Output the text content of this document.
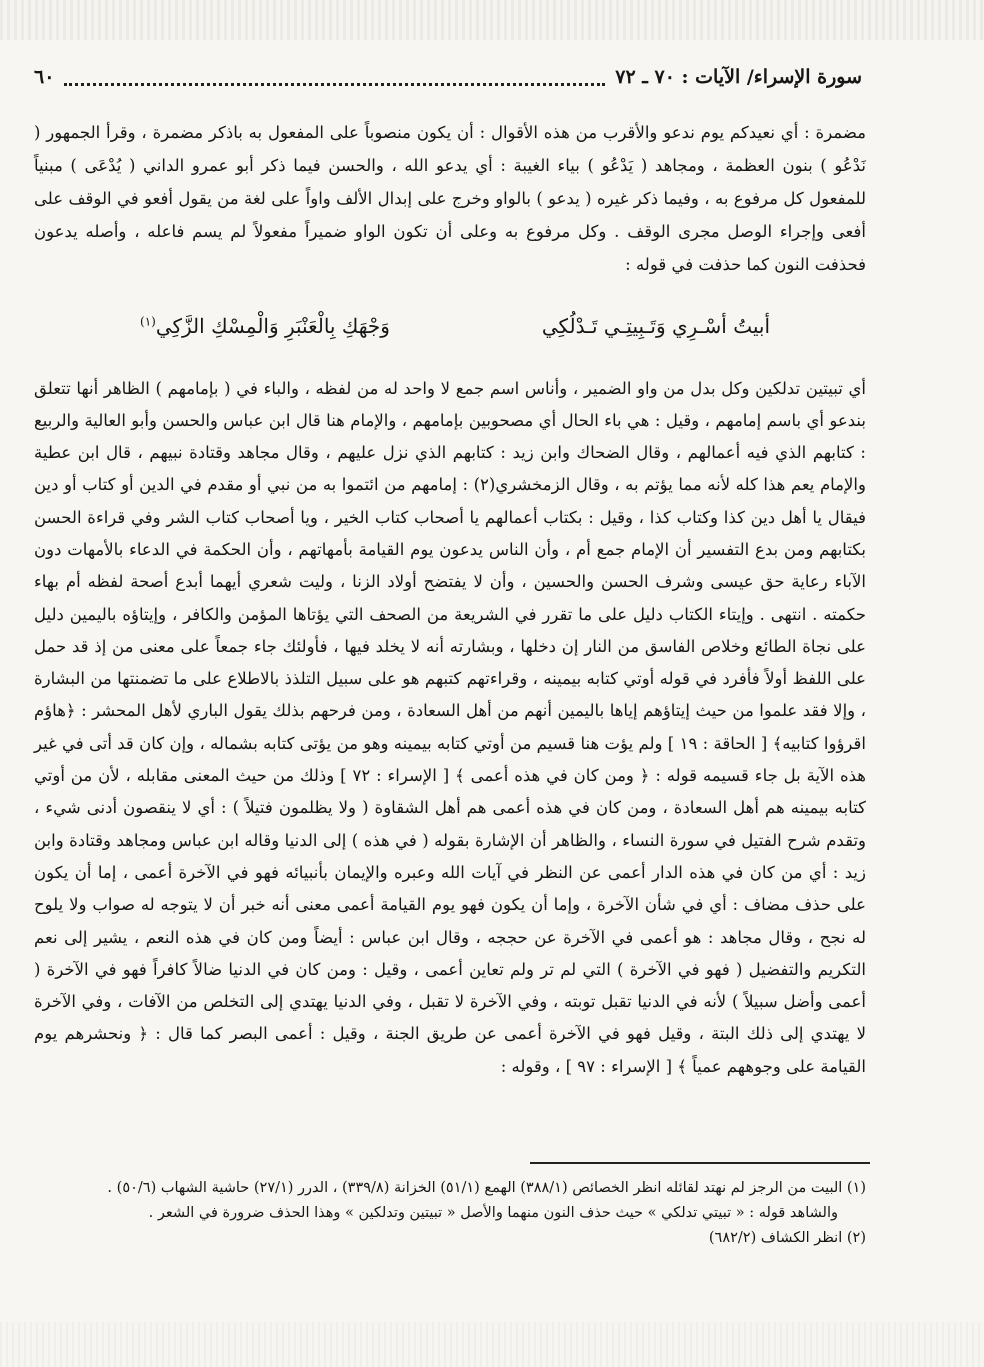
سورة الإسراء/ الآيات : ٧٠ ـ ٧٢
٦٠

مضمرة : أي نعيدكم يوم ندعو والأقرب من هذه الأقوال : أن يكون منصوباً على المفعول به باذكر مضمرة ، وقرأ الجمهور ( نَدْعُو ) بنون العظمة ، ومجاهد ( يَدْعُو ) بياء الغيبة : أي يدعو الله ، والحسن فيما ذكر أبو عمرو الداني ( يُدْعَى ) مبنياً للمفعول كل مرفوع به ، وفيما ذكر غيره ( يدعو ) بالواو وخرج على إبدال الألف واواً على لغة من يقول أفعو في الوقف على أفعى وإجراء الوصل مجرى الوقف . وكل مرفوع به وعلى أن تكون الواو ضميراً مفعولاً لم يسم فاعله ، وأصله يدعون فحذفت النون كما حذفت في قوله :

أبيتُ أسْـرِي وَتَـبِيتِـي تَـدْلُكِي
وَجْهَكِ بِالْعَنْبَرِ وَالْمِسْكِ الزَّكِي$^{(١)}$

أي تبيتين تدلكين وكل بدل من واو الضمير ، وأناس اسم جمع لا واحد له من لفظه ، والباء في ( بإمامهم ) الظاهر أنها تتعلق بندعو أي باسم إمامهم ، وقيل : هي باء الحال أي مصحوبين بإمامهم ، والإمام هنا قال ابن عباس والحسن وأبو العالية والربيع : كتابهم الذي فيه أعمالهم ، وقال الضحاك وابن زيد : كتابهم الذي نزل عليهم ، وقال مجاهد وقتادة نبيهم ، قال ابن عطية والإمام يعم هذا كله لأنه مما يؤتم به ، وقال الزمخشري(٢) : إمامهم من ائتموا به من نبي أو مقدم في الدين أو كتاب أو دين فيقال يا أهل دين كذا وكتاب كذا ، وقيل : بكتاب أعمالهم يا أصحاب كتاب الخير ، ويا أصحاب كتاب الشر وفي قراءة الحسن بكتابهم ومن بدع التفسير أن الإمام جمع أم ، وأن الناس يدعون يوم القيامة بأمهاتهم ، وأن الحكمة في الدعاء بالأمهات دون الآباء رعاية حق عيسى وشرف الحسن والحسين ، وأن لا يفتضح أولاد الزنا ، وليت شعري أيهما أبدع أصحة لفظه أم بهاء حكمته . انتهى . وإيتاء الكتاب دليل على ما تقرر في الشريعة من الصحف التي يؤتاها المؤمن والكافر ، وإيتاؤه باليمين دليل على نجاة الطائع وخلاص الفاسق من النار إن دخلها ، وبشارته أنه لا يخلد فيها ، فأولئك جاء جمعاً على معنى من إذ قد حمل على اللفظ أولاً فأفرد في قوله أوتي كتابه بيمينه ، وقراءتهم كتبهم هو على سبيل التلذذ بالاطلاع على ما تضمنتها من البشارة ، وإلا فقد علموا من حيث إيتاؤهم إياها باليمين أنهم من أهل السعادة ، ومن فرحهم بذلك يقول الباري لأهل المحشر : ﴿هاؤم اقرؤوا كتابيه﴾ [ الحاقة : ١٩ ] ولم يؤت هنا قسيم من أوتي كتابه بيمينه وهو من يؤتى كتابه بشماله ، وإن كان قد أتى في غير هذه الآية بل جاء قسيمه قوله : ﴿ ومن كان في هذه أعمى ﴾ [ الإسراء : ٧٢ ] وذلك من حيث المعنى مقابله ، لأن من أوتي كتابه بيمينه هم أهل السعادة ، ومن كان في هذه أعمى هم أهل الشقاوة ( ولا يظلمون فتيلاً ) : أي لا ينقصون أدنى شيء ، وتقدم شرح الفتيل في سورة النساء ، والظاهر أن الإشارة بقوله ( في هذه ) إلى الدنيا وقاله ابن عباس ومجاهد وقتادة وابن زيد : أي من كان في هذه الدار أعمى عن النظر في آيات الله وعبره والإيمان بأنبيائه فهو في الآخرة أعمى ، إما أن يكون على حذف مضاف : أي في شأن الآخرة ، وإما أن يكون فهو يوم القيامة أعمى معنى أنه خبر أن لا يتوجه له صواب ولا يلوح له نجح ، وقال مجاهد : هو أعمى في الآخرة عن حججه ، وقال ابن عباس : أيضاً ومن كان في هذه النعم ، يشير إلى نعم التكريم والتفضيل ( فهو في الآخرة ) التي لم تر ولم تعاين أعمى ، وقيل : ومن كان في الدنيا ضالاً كافراً فهو في الآخرة ( أعمى وأضل سبيلاً ) لأنه في الدنيا تقبل توبته ، وفي الآخرة لا تقبل ، وفي الدنيا يهتدي إلى التخلص من الآفات ، وفي الآخرة لا يهتدي إلى ذلك البتة ، وقيل فهو في الآخرة أعمى عن طريق الجنة ، وقيل : أعمى البصر كما قال : ﴿ ونحشرهم يوم القيامة على وجوههم عمياً ﴾ [ الإسراء : ٩٧ ] ، وقوله :

(١) البيت من الرجز لم نهتد لقائله انظر الخصائص (٣٨٨/١) الهمع (٥١/١) الخزانة (٣٣٩/٨) ، الدرر (٢٧/١) حاشية الشهاب (٥٠/٦) .
والشاهد قوله : « تبيتي تدلكي » حيث حذف النون منهما والأصل « تبيتين وتدلكين » وهذا الحذف ضرورة في الشعر .
(٢) انظر الكشاف (٦٨٢/٢)
